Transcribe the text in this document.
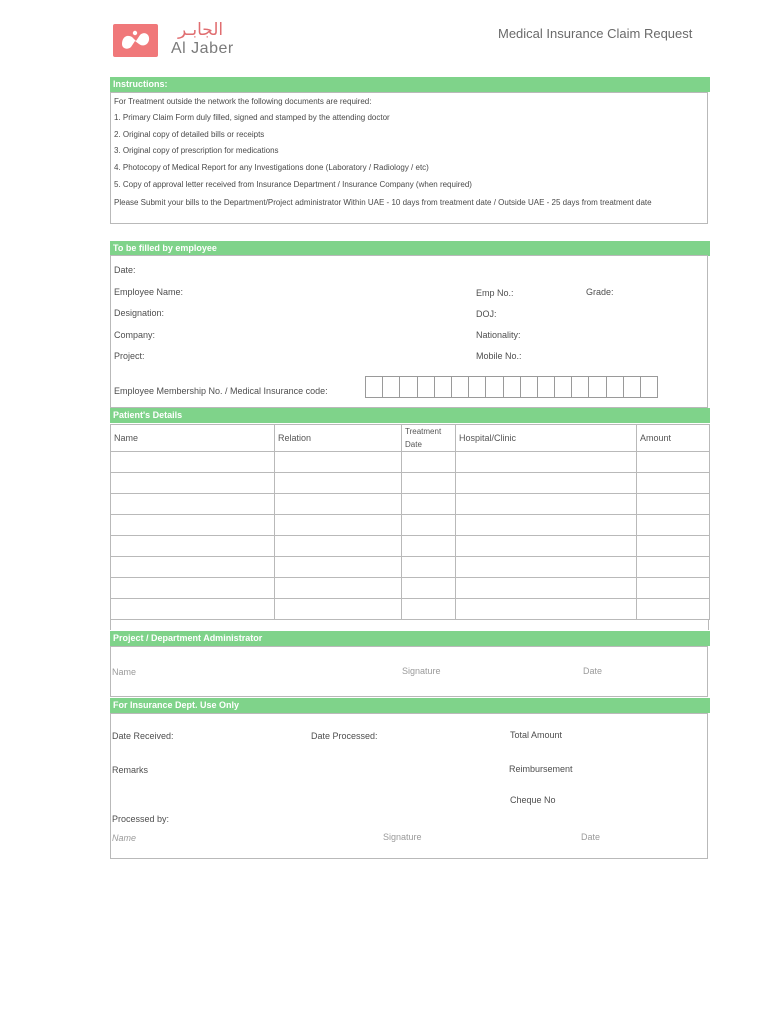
الجابـر
Al Jaber
Medical Insurance Claim Request
Instructions:
For Treatment outside the network the following documents are required:
1. Primary Claim Form duly filled, signed and stamped by the attending doctor
2. Original copy of detailed bills or receipts
3. Original copy of prescription for medications
4. Photocopy of Medical Report for any Investigations done (Laboratory / Radiology / etc)
5. Copy of approval letter received from Insurance Department / Insurance Company (when required)
Please Submit your bills to the Department/Project administrator Within UAE - 10 days from treatment date / Outside UAE - 25 days from treatment date
To be filled by employee
Date:
Employee Name:
Designation:
Company:
Project:
Emp No.:	Grade:
DOJ:
Nationality:
Mobile No.:
Employee Membership No. / Medical Insurance code:
Patient's Details
Name	Relation	Treatment Date	Hospital/Clinic	Amount

Project / Department Administrator
Name	Signature	Date
For Insurance Dept. Use Only
Date Received:	Date Processed:	Total Amount
Remarks	Reimbursement
Cheque No
Processed by:
Name	Signature	Date
